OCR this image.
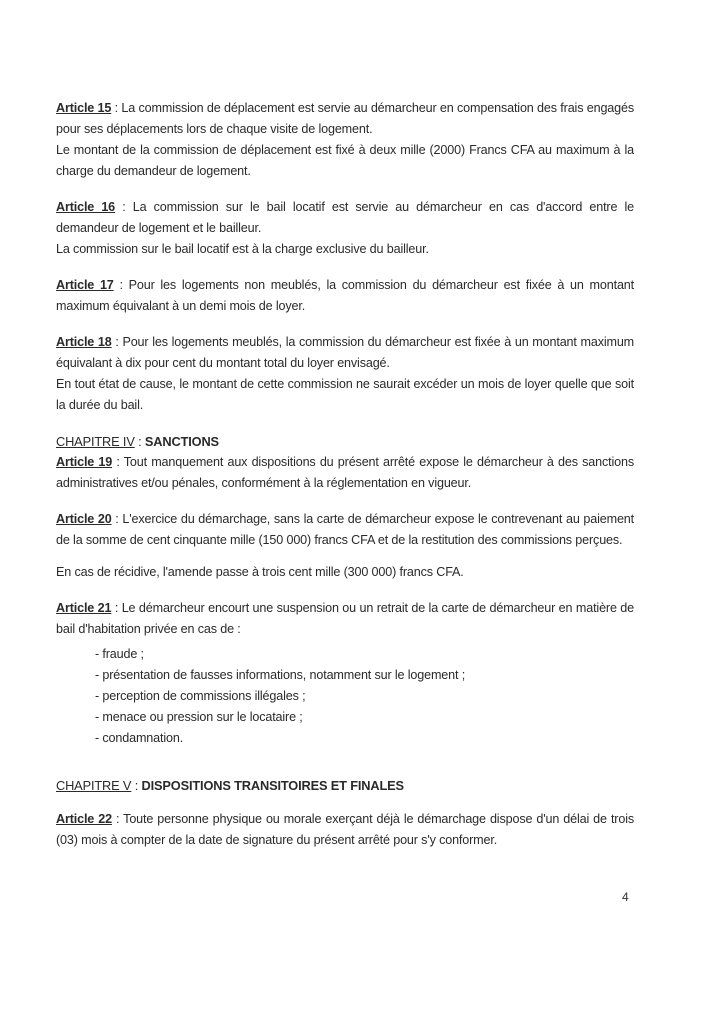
Article 15 : La commission de déplacement est servie au démarcheur en compensation des frais engagés pour ses déplacements lors de chaque visite de logement.

Le montant de la commission de déplacement est fixé à deux mille (2000) Francs CFA au maximum à la charge du demandeur de logement.

Article 16 : La commission sur le bail locatif est servie au démarcheur en cas d'accord entre le demandeur de logement et le bailleur.

La commission sur le bail locatif est à la charge exclusive du bailleur.

Article 17 : Pour les logements non meublés, la commission du démarcheur est fixée à un montant maximum équivalant à un demi mois de loyer.

Article 18 : Pour les logements meublés, la commission du démarcheur est fixée à un montant maximum équivalant à dix pour cent du montant total du loyer envisagé.

En tout état de cause, le montant de cette commission ne saurait excéder un mois de loyer quelle que soit la durée du bail.

CHAPITRE IV : SANCTIONS

Article 19 : Tout manquement aux dispositions du présent arrêté expose le démarcheur à des sanctions administratives et/ou pénales, conformément à la réglementation en vigueur.

Article 20 : L'exercice du démarchage, sans la carte de démarcheur expose le contrevenant au paiement de la somme de cent cinquante mille (150 000) francs CFA et de la restitution des commissions perçues.

En cas de récidive, l'amende passe à trois cent mille (300 000) francs CFA.

Article 21 : Le démarcheur encourt une suspension ou un retrait de la carte de démarcheur en matière de bail d'habitation privée en cas de :

- fraude ;
- présentation de fausses informations, notamment sur le logement ;
- perception de commissions illégales ;
- menace ou pression sur le locataire ;
- condamnation.

CHAPITRE V : DISPOSITIONS TRANSITOIRES ET FINALES

Article 22 : Toute personne physique ou morale exerçant déjà le démarchage dispose d'un délai de trois (03) mois à compter de la date de signature du présent arrêté pour s'y conformer.

4
